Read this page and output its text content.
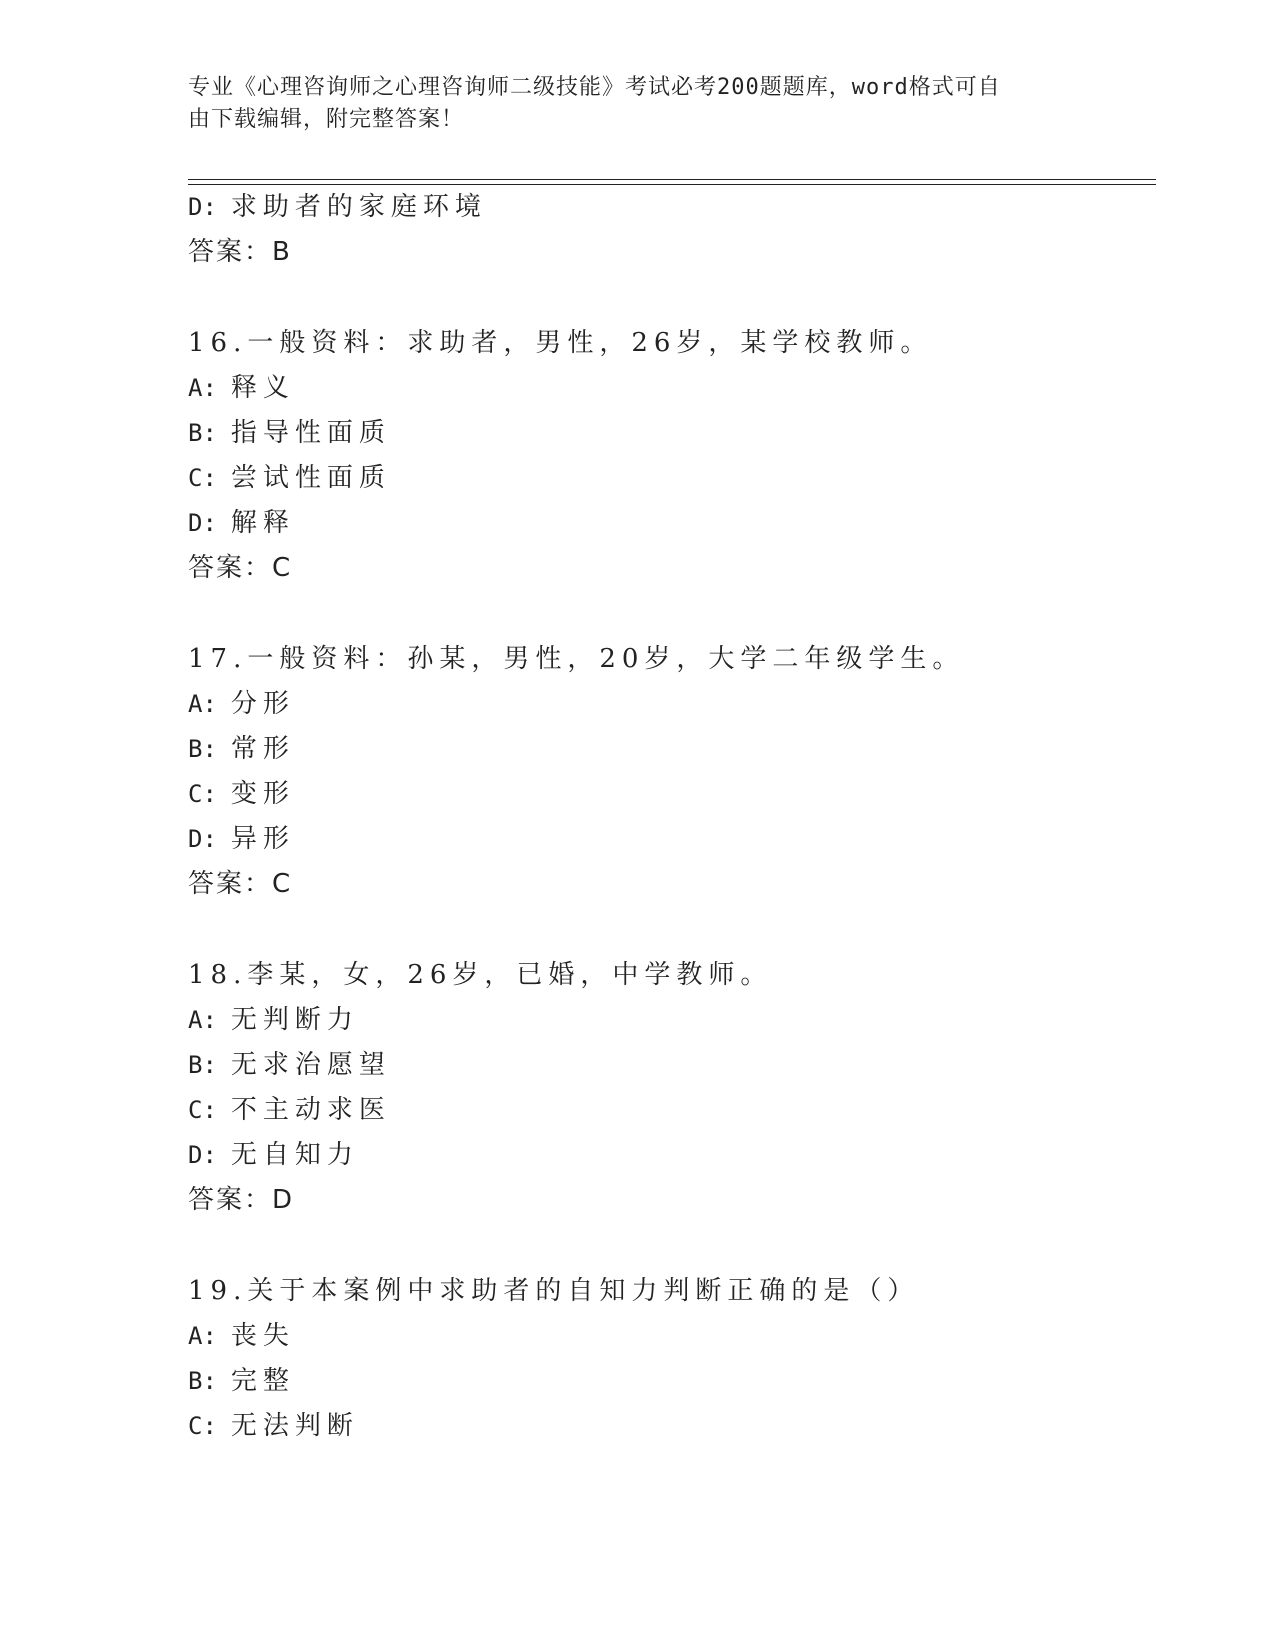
专业《心理咨询师之心理咨询师二级技能》考试必考200题题库，word格式可自
由下载编辑，附完整答案！
D: 求助者的家庭环境
答案：B
16.一般资料：求助者，男性，26岁，某学校教师。
A: 释义
B: 指导性面质
C: 尝试性面质
D: 解释
答案：C
17.一般资料：孙某，男性，20岁，大学二年级学生。
A: 分形
B: 常形
C: 变形
D: 异形
答案：C
18.李某，女，26岁，已婚，中学教师。
A: 无判断力
B: 无求治愿望
C: 不主动求医
D: 无自知力
答案：D
19.关于本案例中求助者的自知力判断正确的是（）
A: 丧失
B: 完整
C: 无法判断
